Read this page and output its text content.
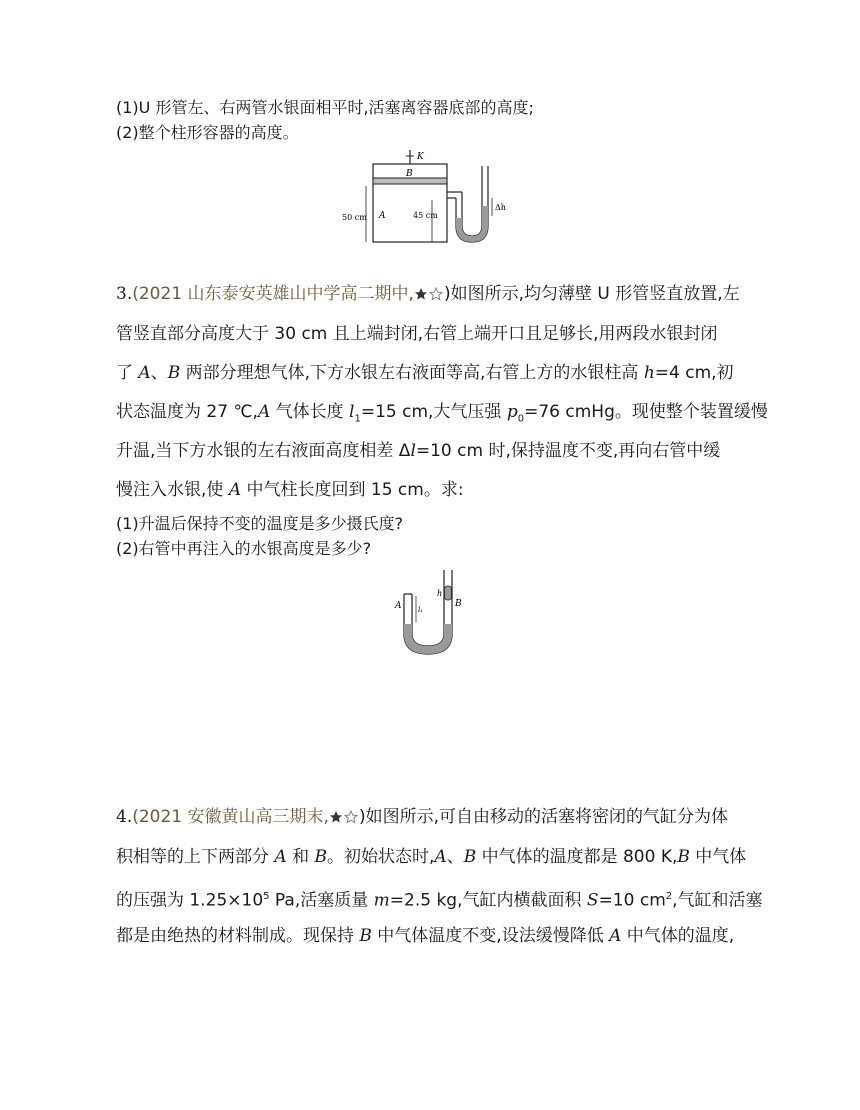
(1)U 形管左、右两管水银面相平时,活塞离容器底部的高度;
(2)整个柱形容器的高度。
K
B
A
50 cm	45 cm
Δh
3.(2021 山东泰安英雄山中学高二期中, )如图所示,均匀薄壁 U 形管竖直放置,左
管竖直部分高度大于 30 cm 且上端封闭,右管上端开口且足够长,用两段水银封闭
了 A、B 两部分理想气体,下方水银左右液面等高,右管上方的水银柱高 h=4 cm,初
状态温度为 27 ℃,A 气体长度 $l_1=15$ cm,大气压强 $p_0=76$ cmHg。现使整个装置缓慢
升温,当下方水银的左右液面高度相差 Δl=10 cm 时,保持温度不变,再向右管中缓
慢注入水银,使 A 中气柱长度回到 15 cm。求:
(1)升温后保持不变的温度是多少摄氏度?
(2)右管中再注入的水银高度是多少?
A l₁
h
B
4.(2021 安徽黄山高三期末, )如图所示,可自由移动的活塞将密闭的气缸分为体
积相等的上下两部分 A 和 B。初始状态时,A、B 中气体的温度都是 800 K,B 中气体
的压强为 $1.25\times 10^5$ Pa,活塞质量 m=2.5 kg,气缸内横截面积 S=10 $cm^2$,气缸和活塞
都是由绝热的材料制成。现保持 B 中气体温度不变,设法缓慢降低 A 中气体的温度,
